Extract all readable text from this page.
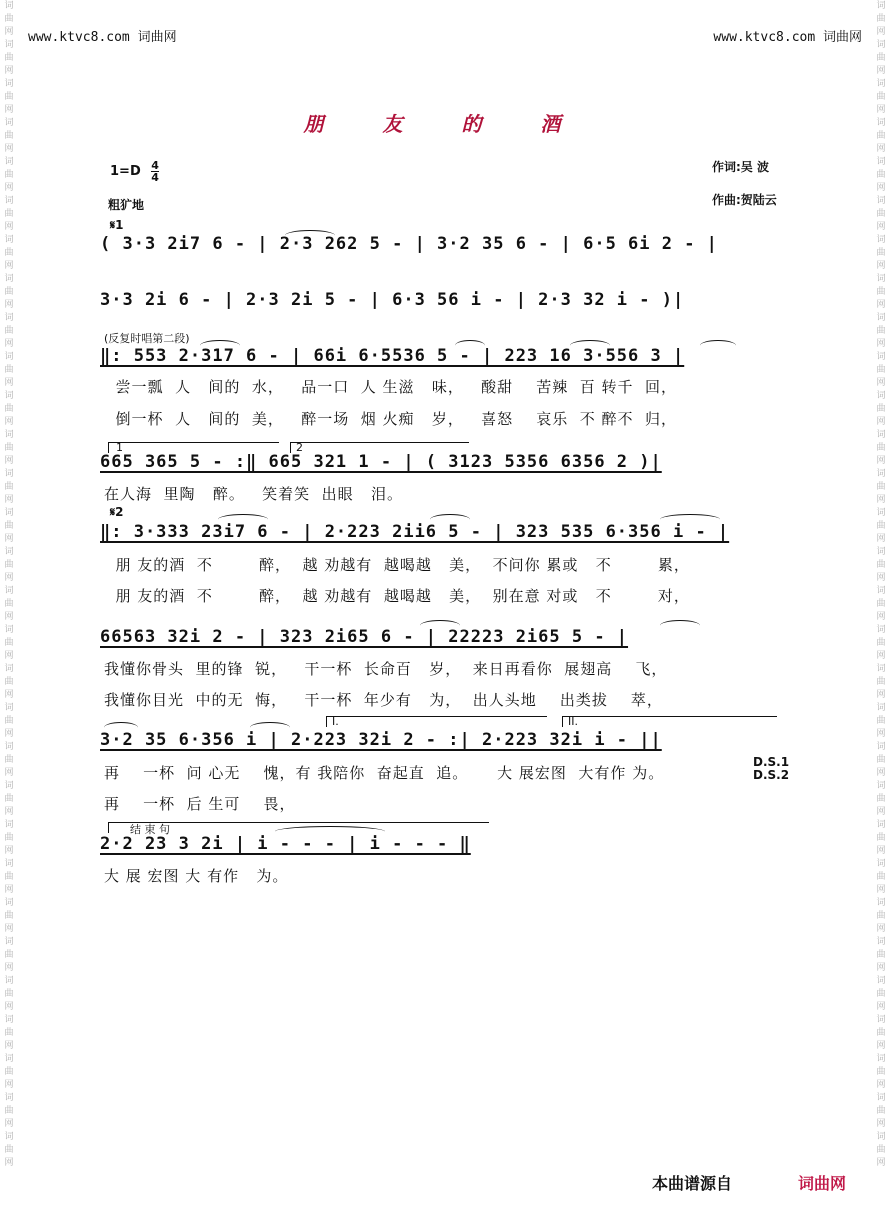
词曲网词曲网词曲网词曲网词曲网词曲网词曲网词曲网词曲网词曲网词曲网词曲网词曲网词曲网词曲网词曲网词曲网词曲网词曲网词曲网词曲网词曲网词曲网词曲网词曲网词曲网词曲网词曲网词曲网词曲网
词曲网词曲网词曲网词曲网词曲网词曲网词曲网词曲网词曲网词曲网词曲网词曲网词曲网词曲网词曲网词曲网词曲网词曲网词曲网词曲网词曲网词曲网词曲网词曲网词曲网词曲网词曲网词曲网词曲网词曲网
www.ktvc8.com 词曲网	www.ktvc8.com 词曲网
朋 友 的 酒
$1=D \frac{4}{4}$
粗犷地
作词:吴 波
作曲:贺陆云
𝄋1
( 3·3 2i7 6 - | 2·3 262 5 - | 3·2 35 6 - | 6·5 6i 2 - |
3·3 2i 6 - | 2·3 2i 5 - | 6·3 56 i - | 2·3 32 i - )|
(反复时唱第二段)
‖: 553 2·317 6 - | 66i 6·5536 5 - | 223 16 3·556 3 |
尝一瓢  人   间的  水，   品一口  人 生滋   味，   酸甜    苦辣  百 转千  回，
倒一杯  人   间的  美，   醉一场  烟 火痴   岁，   喜怒    哀乐  不 醉不  归，
1	2
665 365 5 - :‖ 665 321 1 - | ( 3123 5356 6356 2 )|
在人海  里陶   醉。   笑着笑  出眼   泪。
𝄋2
‖: 3·333 23i7 6 - | 2·223 2ii6 5 - | 323 535 6·356 i - |
朋 友的酒  不        醉，  越 劝越有  越喝越   美，  不问你 累或   不        累，
朋 友的酒  不        醉，  越 劝越有  越喝越   美，  别在意 对或   不        对，
66563 32i 2 - | 323 2i65 6 - | 22223 2i65 5 - |
我懂你骨头  里的锋  锐，   干一杯  长命百   岁，  来日再看你  展翅高    飞，
我懂你目光  中的无  悔，   干一杯  年少有   为，  出人头地    出类拔    萃，
I.	II.
3·2 35 6·356 i | 2·223 32i 2 - :| 2·223 32i i - ||
再    一杯  问 心无    愧，有 我陪你  奋起直  追。     大 展宏图  大有作 为。
再    一杯  后 生可    畏，
D.S.1
D.S.2
结 束 句
2·2 23 3 2i | i - - - | i - - - ‖
大 展 宏图 大 有作   为。
本曲谱源自	词曲网
